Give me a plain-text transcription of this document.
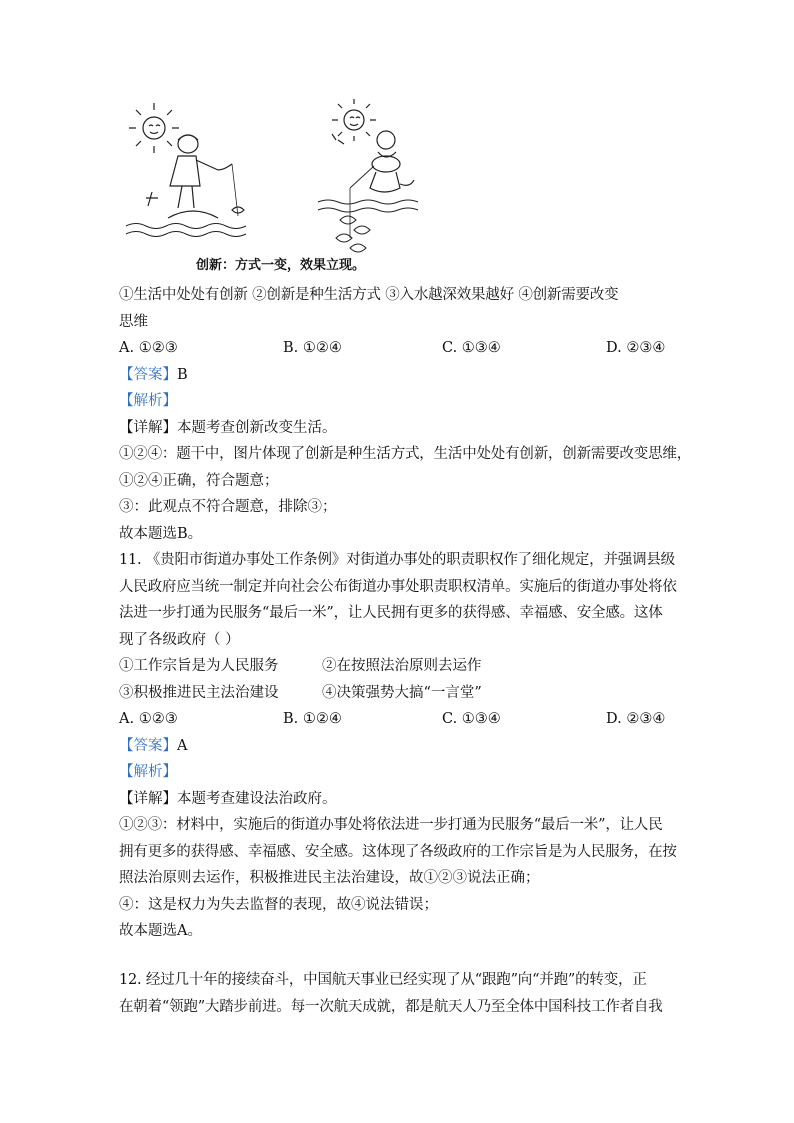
创新：方式一变，效果立现。
①生活中处处有创新 ②创新是种生活方式 ③入水越深效果越好 ④创新需要改变
思维
A. ①②③	B. ①②④	C. ①③④	D. ②③④
【答案】B
【解析】
【详解】本题考查创新改变生活。
①②④：题干中，图片体现了创新是种生活方式，生活中处处有创新，创新需要改变思维，
①②④正确，符合题意；
③：此观点不符合题意，排除③；
故本题选B。
11. 《贵阳市街道办事处工作条例》对街道办事处的职责职权作了细化规定，并强调县级
人民政府应当统一制定并向社会公布街道办事处职责职权清单。实施后的街道办事处将依
法进一步打通为民服务“最后一米”，让人民拥有更多的获得感、幸福感、安全感。这体
现了各级政府（ ）
①工作宗旨是为人民服务	②在按照法治原则去运作
③积极推进民主法治建设	④决策强势大搞“一言堂”
A. ①②③	B. ①②④	C. ①③④	D. ②③④
【答案】A
【解析】
【详解】本题考查建设法治政府。
①②③：材料中，实施后的街道办事处将依法进一步打通为民服务“最后一米”，让人民
拥有更多的获得感、幸福感、安全感。这体现了各级政府的工作宗旨是为人民服务，在按
照法治原则去运作，积极推进民主法治建设，故①②③说法正确；
④：这是权力为失去监督的表现，故④说法错误；
故本题选A。
12. 经过几十年的接续奋斗，中国航天事业已经实现了从“跟跑”向“并跑”的转变，正
在朝着“领跑”大踏步前进。每一次航天成就，都是航天人乃至全体中国科技工作者自我
